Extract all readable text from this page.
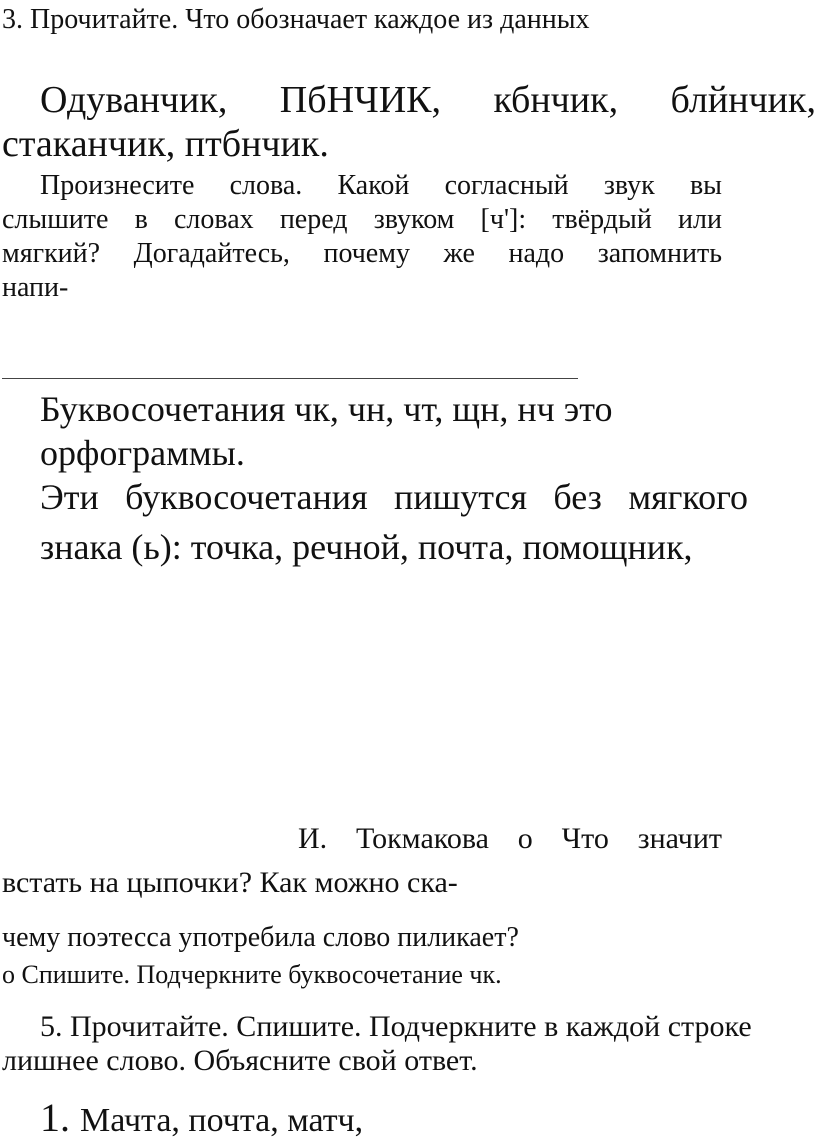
3. Прочитайте. Что обозначает каждое из данных
Одуванчик, ПбНЧИК, кбнчик, блйнчик,
стаканчик, птбнчик.
Произнесите слова. Какой согласный звук вы
слышите в словах перед звуком [ч']: твёрдый или
мягкий? Догадайтесь, почему же надо запомнить
напи-
Буквосочетания чк, чн, чт, щн, нч это
орфограммы.
Эти буквосочетания пишутся без мягкого
знака (ь): точка, речной, почта, помощник,
И. Токмакова о Что значит
встать на цыпочки? Как можно ска-
чему поэтесса употребила слово пиликает?
о Спишите. Подчеркните буквосочетание чк.
5. Прочитайте. Спишите. Подчеркните в каждой строке
лишнее слово. Объясните свой ответ.
1. Мачта, почта, матч,
